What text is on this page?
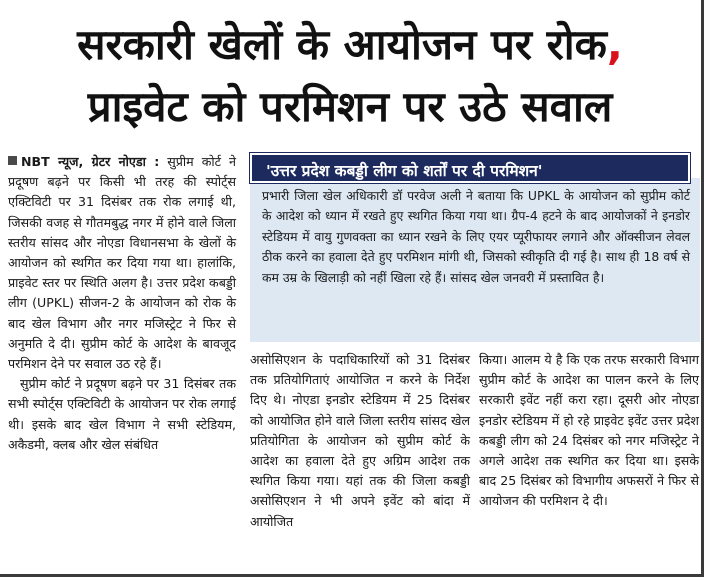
सरकारी खेलों के आयोजन पर रोक,
प्राइवेट को परमिशन पर उठे सवाल

NBT न्यूज, ग्रेटर नोएडा : सुप्रीम कोर्ट ने प्रदूषण बढ़ने पर किसी भी तरह की स्पोर्ट्स एक्टिविटी पर 31 दिसंबर तक रोक लगाई थी, जिसकी वजह से गौतमबुद्ध नगर में होने वाले जिला स्तरीय सांसद और नोएडा विधानसभा के खेलों के आयोजन को स्थगित कर दिया गया था। हालांकि, प्राइवेट स्तर पर स्थिति अलग है। उत्तर प्रदेश कबड्डी लीग (UPKL) सीजन-2 के आयोजन को रोक के बाद खेल विभाग और नगर मजिस्ट्रेट ने फिर से अनुमति दे दी। सुप्रीम कोर्ट के आदेश के बावजूद परमिशन देने पर सवाल उठ रहे हैं।

सुप्रीम कोर्ट ने प्रदूषण बढ़ने पर 31 दिसंबर तक सभी स्पोर्ट्स एक्टिविटी के आयोजन पर रोक लगाई थी। इसके बाद खेल विभाग ने सभी स्टेडियम, अकैडमी, क्लब और खेल संबंधित

'उत्तर प्रदेश कबड्डी लीग को शर्तों पर दी परमिशन'

प्रभारी जिला खेल अधिकारी डॉ परवेज अली ने बताया कि UPKL के आयोजन को सुप्रीम कोर्ट के आदेश को ध्यान में रखते हुए स्थगित किया गया था। ग्रैप-4 हटने के बाद आयोजकों ने इनडोर स्टेडियम में वायु गुणवक्ता का ध्यान रखने के लिए एयर प्यूरीफायर लगाने और ऑक्सीजन लेवल ठीक करने का हवाला देते हुए परमिशन मांगी थी, जिसको स्वीकृति दी गई है। साथ ही 18 वर्ष से कम उम्र के खिलाड़ी को नहीं खिला रहे हैं। सांसद खेल जनवरी में प्रस्तावित है।

असोसिएशन के पदाधिकारियों को 31 दिसंबर तक प्रतियोगिताएं आयोजित न करने के निर्देश दिए थे। नोएडा इनडोर स्टेडियम में 25 दिसंबर को आयोजित होने वाले जिला स्तरीय सांसद खेल प्रतियोगिता के आयोजन को सुप्रीम कोर्ट के आदेश का हवाला देते हुए अग्रिम आदेश तक स्थगित किया गया। यहां तक की जिला कबड्डी असोसिएशन ने भी अपने इवेंट को बांदा में आयोजित

किया। आलम ये है कि एक तरफ सरकारी विभाग सुप्रीम कोर्ट के आदेश का पालन करने के लिए सरकारी इवेंट नहीं करा रहा। दूसरी ओर नोएडा इनडोर स्टेडियम में हो रहे प्राइवेट इवेंट उत्तर प्रदेश कबड्डी लीग को 24 दिसंबर को नगर मजिस्ट्रेट ने अगले आदेश तक स्थगित कर दिया था। इसके बाद 25 दिसंबर को विभागीय अफसरों ने फिर से आयोजन की परमिशन दे दी।
